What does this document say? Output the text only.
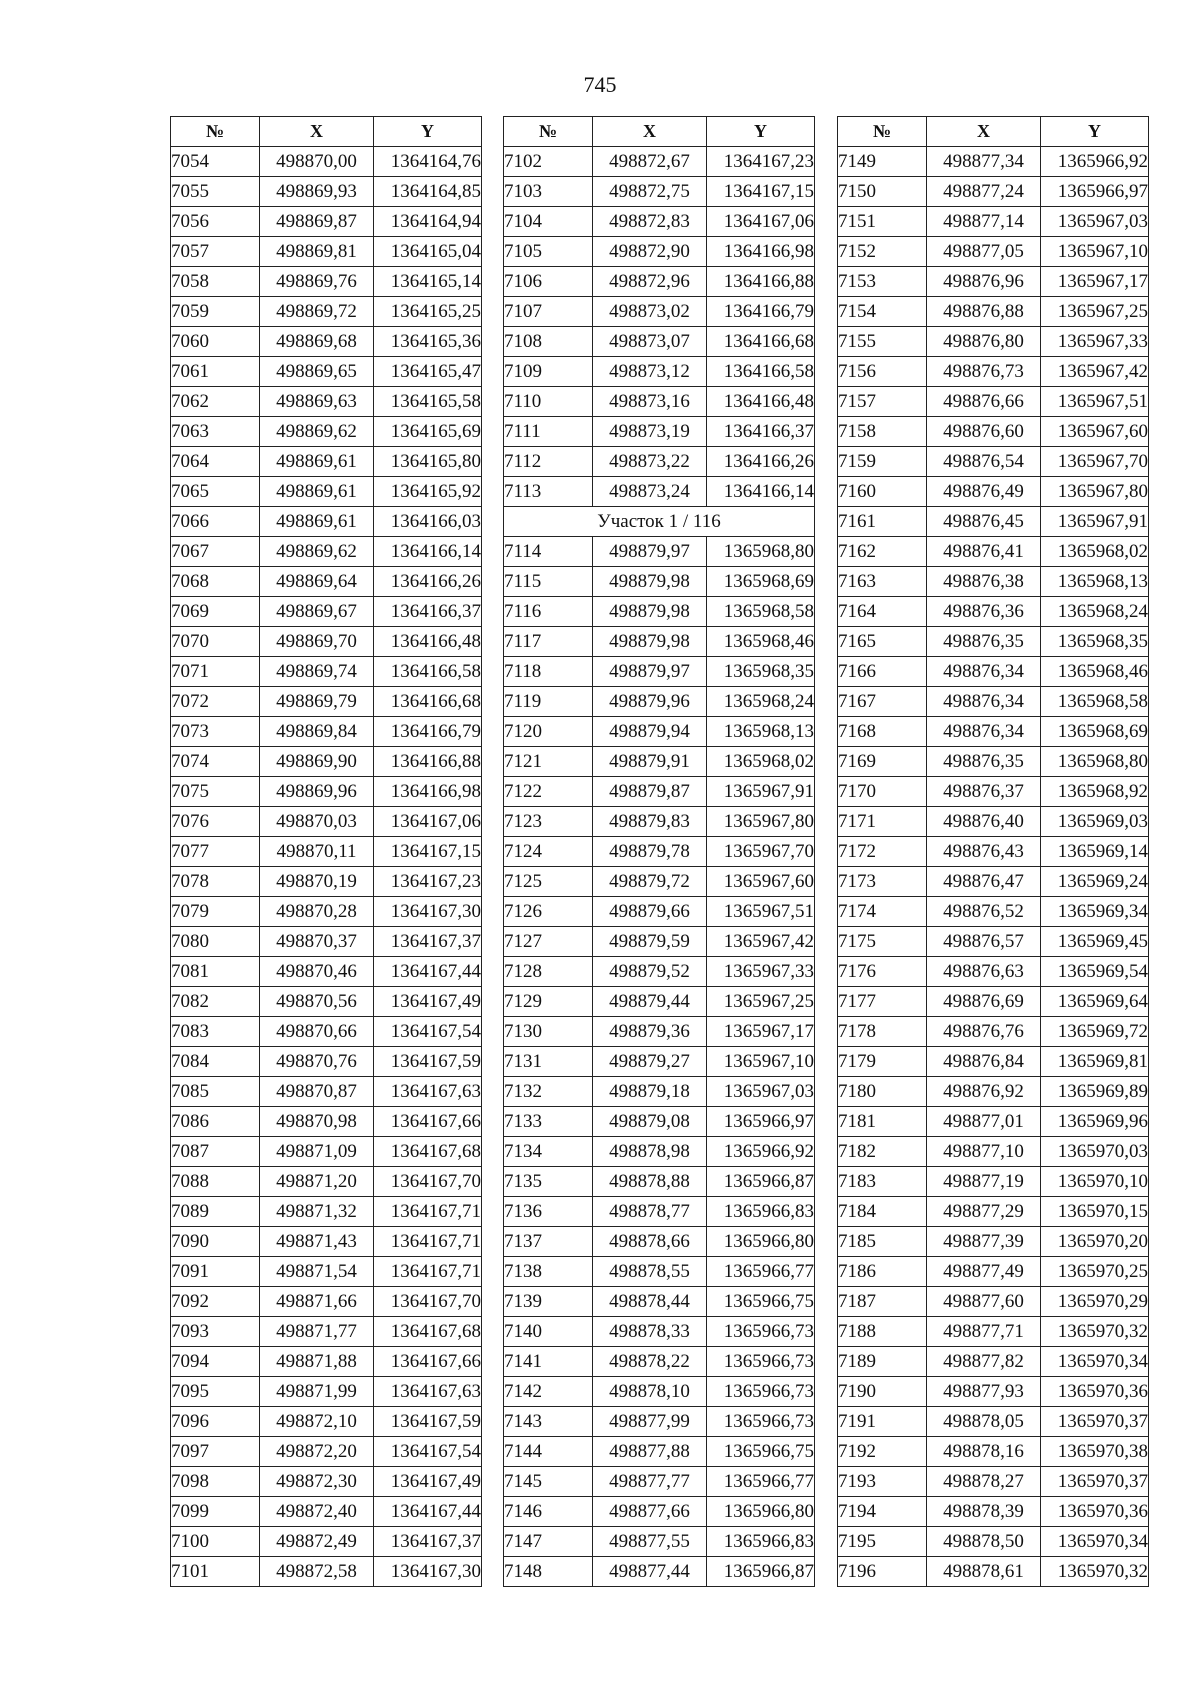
745
№	X	Y
7054	498870,00	1364164,76
7055	498869,93	1364164,85
7056	498869,87	1364164,94
7057	498869,81	1364165,04
7058	498869,76	1364165,14
7059	498869,72	1364165,25
7060	498869,68	1364165,36
7061	498869,65	1364165,47
7062	498869,63	1364165,58
7063	498869,62	1364165,69
7064	498869,61	1364165,80
7065	498869,61	1364165,92
7066	498869,61	1364166,03
7067	498869,62	1364166,14
7068	498869,64	1364166,26
7069	498869,67	1364166,37
7070	498869,70	1364166,48
7071	498869,74	1364166,58
7072	498869,79	1364166,68
7073	498869,84	1364166,79
7074	498869,90	1364166,88
7075	498869,96	1364166,98
7076	498870,03	1364167,06
7077	498870,11	1364167,15
7078	498870,19	1364167,23
7079	498870,28	1364167,30
7080	498870,37	1364167,37
7081	498870,46	1364167,44
7082	498870,56	1364167,49
7083	498870,66	1364167,54
7084	498870,76	1364167,59
7085	498870,87	1364167,63
7086	498870,98	1364167,66
7087	498871,09	1364167,68
7088	498871,20	1364167,70
7089	498871,32	1364167,71
7090	498871,43	1364167,71
7091	498871,54	1364167,71
7092	498871,66	1364167,70
7093	498871,77	1364167,68
7094	498871,88	1364167,66
7095	498871,99	1364167,63
7096	498872,10	1364167,59
7097	498872,20	1364167,54
7098	498872,30	1364167,49
7099	498872,40	1364167,44
7100	498872,49	1364167,37
7101	498872,58	1364167,30
№	X	Y
7102	498872,67	1364167,23
7103	498872,75	1364167,15
7104	498872,83	1364167,06
7105	498872,90	1364166,98
7106	498872,96	1364166,88
7107	498873,02	1364166,79
7108	498873,07	1364166,68
7109	498873,12	1364166,58
7110	498873,16	1364166,48
7111	498873,19	1364166,37
7112	498873,22	1364166,26
7113	498873,24	1364166,14
Участок 1 / 116		
7114	498879,97	1365968,80
7115	498879,98	1365968,69
7116	498879,98	1365968,58
7117	498879,98	1365968,46
7118	498879,97	1365968,35
7119	498879,96	1365968,24
7120	498879,94	1365968,13
7121	498879,91	1365968,02
7122	498879,87	1365967,91
7123	498879,83	1365967,80
7124	498879,78	1365967,70
7125	498879,72	1365967,60
7126	498879,66	1365967,51
7127	498879,59	1365967,42
7128	498879,52	1365967,33
7129	498879,44	1365967,25
7130	498879,36	1365967,17
7131	498879,27	1365967,10
7132	498879,18	1365967,03
7133	498879,08	1365966,97
7134	498878,98	1365966,92
7135	498878,88	1365966,87
7136	498878,77	1365966,83
7137	498878,66	1365966,80
7138	498878,55	1365966,77
7139	498878,44	1365966,75
7140	498878,33	1365966,73
7141	498878,22	1365966,73
7142	498878,10	1365966,73
7143	498877,99	1365966,73
7144	498877,88	1365966,75
7145	498877,77	1365966,77
7146	498877,66	1365966,80
7147	498877,55	1365966,83
7148	498877,44	1365966,87
№	X	Y
7149	498877,34	1365966,92
7150	498877,24	1365966,97
7151	498877,14	1365967,03
7152	498877,05	1365967,10
7153	498876,96	1365967,17
7154	498876,88	1365967,25
7155	498876,80	1365967,33
7156	498876,73	1365967,42
7157	498876,66	1365967,51
7158	498876,60	1365967,60
7159	498876,54	1365967,70
7160	498876,49	1365967,80
7161	498876,45	1365967,91
7162	498876,41	1365968,02
7163	498876,38	1365968,13
7164	498876,36	1365968,24
7165	498876,35	1365968,35
7166	498876,34	1365968,46
7167	498876,34	1365968,58
7168	498876,34	1365968,69
7169	498876,35	1365968,80
7170	498876,37	1365968,92
7171	498876,40	1365969,03
7172	498876,43	1365969,14
7173	498876,47	1365969,24
7174	498876,52	1365969,34
7175	498876,57	1365969,45
7176	498876,63	1365969,54
7177	498876,69	1365969,64
7178	498876,76	1365969,72
7179	498876,84	1365969,81
7180	498876,92	1365969,89
7181	498877,01	1365969,96
7182	498877,10	1365970,03
7183	498877,19	1365970,10
7184	498877,29	1365970,15
7185	498877,39	1365970,20
7186	498877,49	1365970,25
7187	498877,60	1365970,29
7188	498877,71	1365970,32
7189	498877,82	1365970,34
7190	498877,93	1365970,36
7191	498878,05	1365970,37
7192	498878,16	1365970,38
7193	498878,27	1365970,37
7194	498878,39	1365970,36
7195	498878,50	1365970,34
7196	498878,61	1365970,32
